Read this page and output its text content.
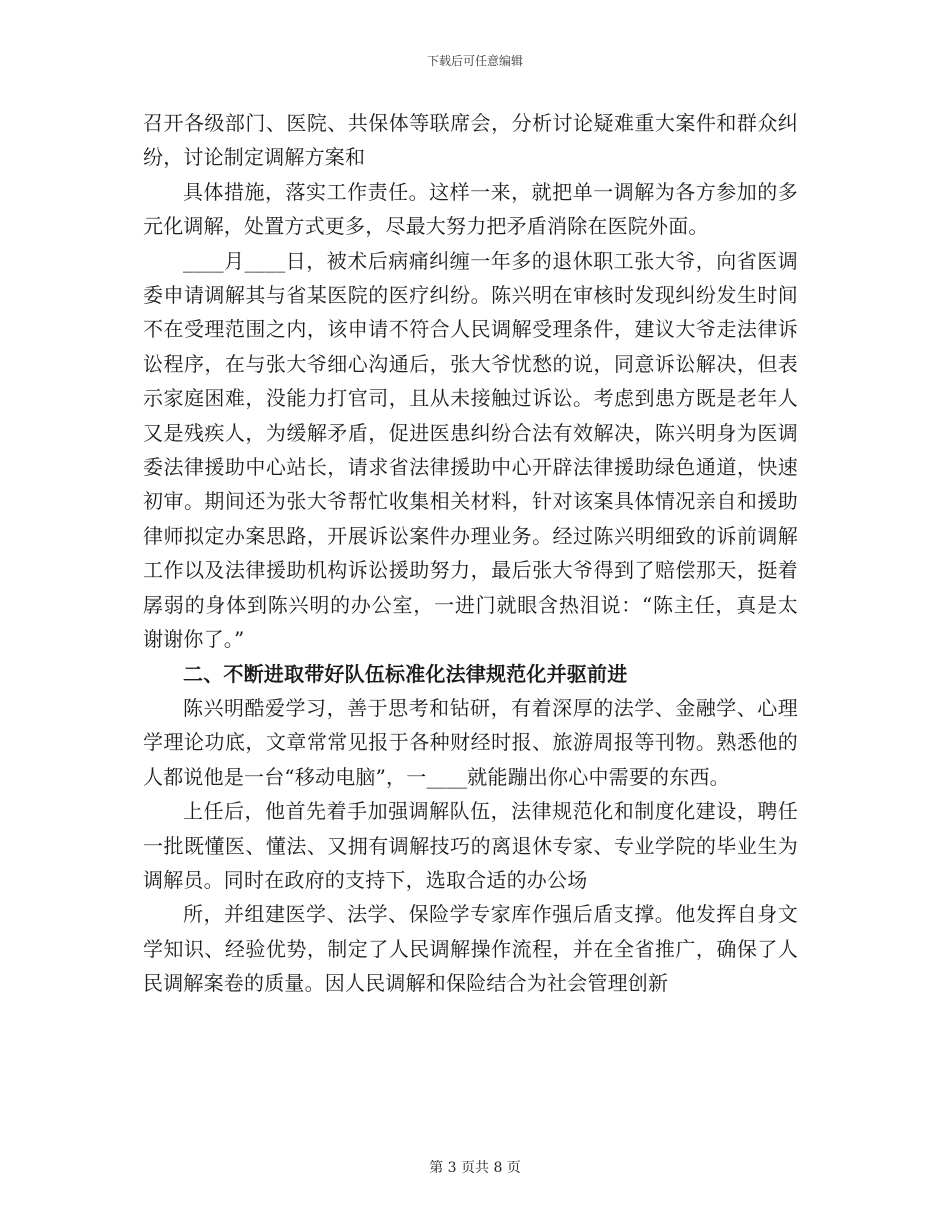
下载后可任意编辑

召开各级部门、医院、共保体等联席会，分析讨论疑难重大案件和群众纠纷，讨论制定调解方案和

具体措施，落实工作责任。这样一来，就把单一调解为各方参加的多元化调解，处置方式更多，尽最大努力把矛盾消除在医院外面。

____月____日，被术后病痛纠缠一年多的退休职工张大爷，向省医调委申请调解其与省某医院的医疗纠纷。陈兴明在审核时发现纠纷发生时间不在受理范围之内，该申请不符合人民调解受理条件，建议大爷走法律诉讼程序，在与张大爷细心沟通后，张大爷忧愁的说，同意诉讼解决，但表示家庭困难，没能力打官司，且从未接触过诉讼。考虑到患方既是老年人又是残疾人，为缓解矛盾，促进医患纠纷合法有效解决，陈兴明身为医调委法律援助中心站长，请求省法律援助中心开辟法律援助绿色通道，快速初审。期间还为张大爷帮忙收集相关材料，针对该案具体情况亲自和援助律师拟定办案思路，开展诉讼案件办理业务。经过陈兴明细致的诉前调解工作以及法律援助机构诉讼援助努力，最后张大爷得到了赔偿那天，挺着孱弱的身体到陈兴明的办公室，一进门就眼含热泪说：“陈主任，真是太谢谢你了。”

二、不断进取带好队伍标准化法律规范化并驱前进

陈兴明酷爱学习，善于思考和钻研，有着深厚的法学、金融学、心理学理论功底，文章常常见报于各种财经时报、旅游周报等刊物。熟悉他的人都说他是一台“移动电脑”，一____就能蹦出你心中需要的东西。

上任后，他首先着手加强调解队伍，法律规范化和制度化建设，聘任一批既懂医、懂法、又拥有调解技巧的离退休专家、专业学院的毕业生为调解员。同时在政府的支持下，选取合适的办公场

所，并组建医学、法学、保险学专家库作强后盾支撑。他发挥自身文学知识、经验优势，制定了人民调解操作流程，并在全省推广，确保了人民调解案卷的质量。因人民调解和保险结合为社会管理创新

第 3 页共 8 页
